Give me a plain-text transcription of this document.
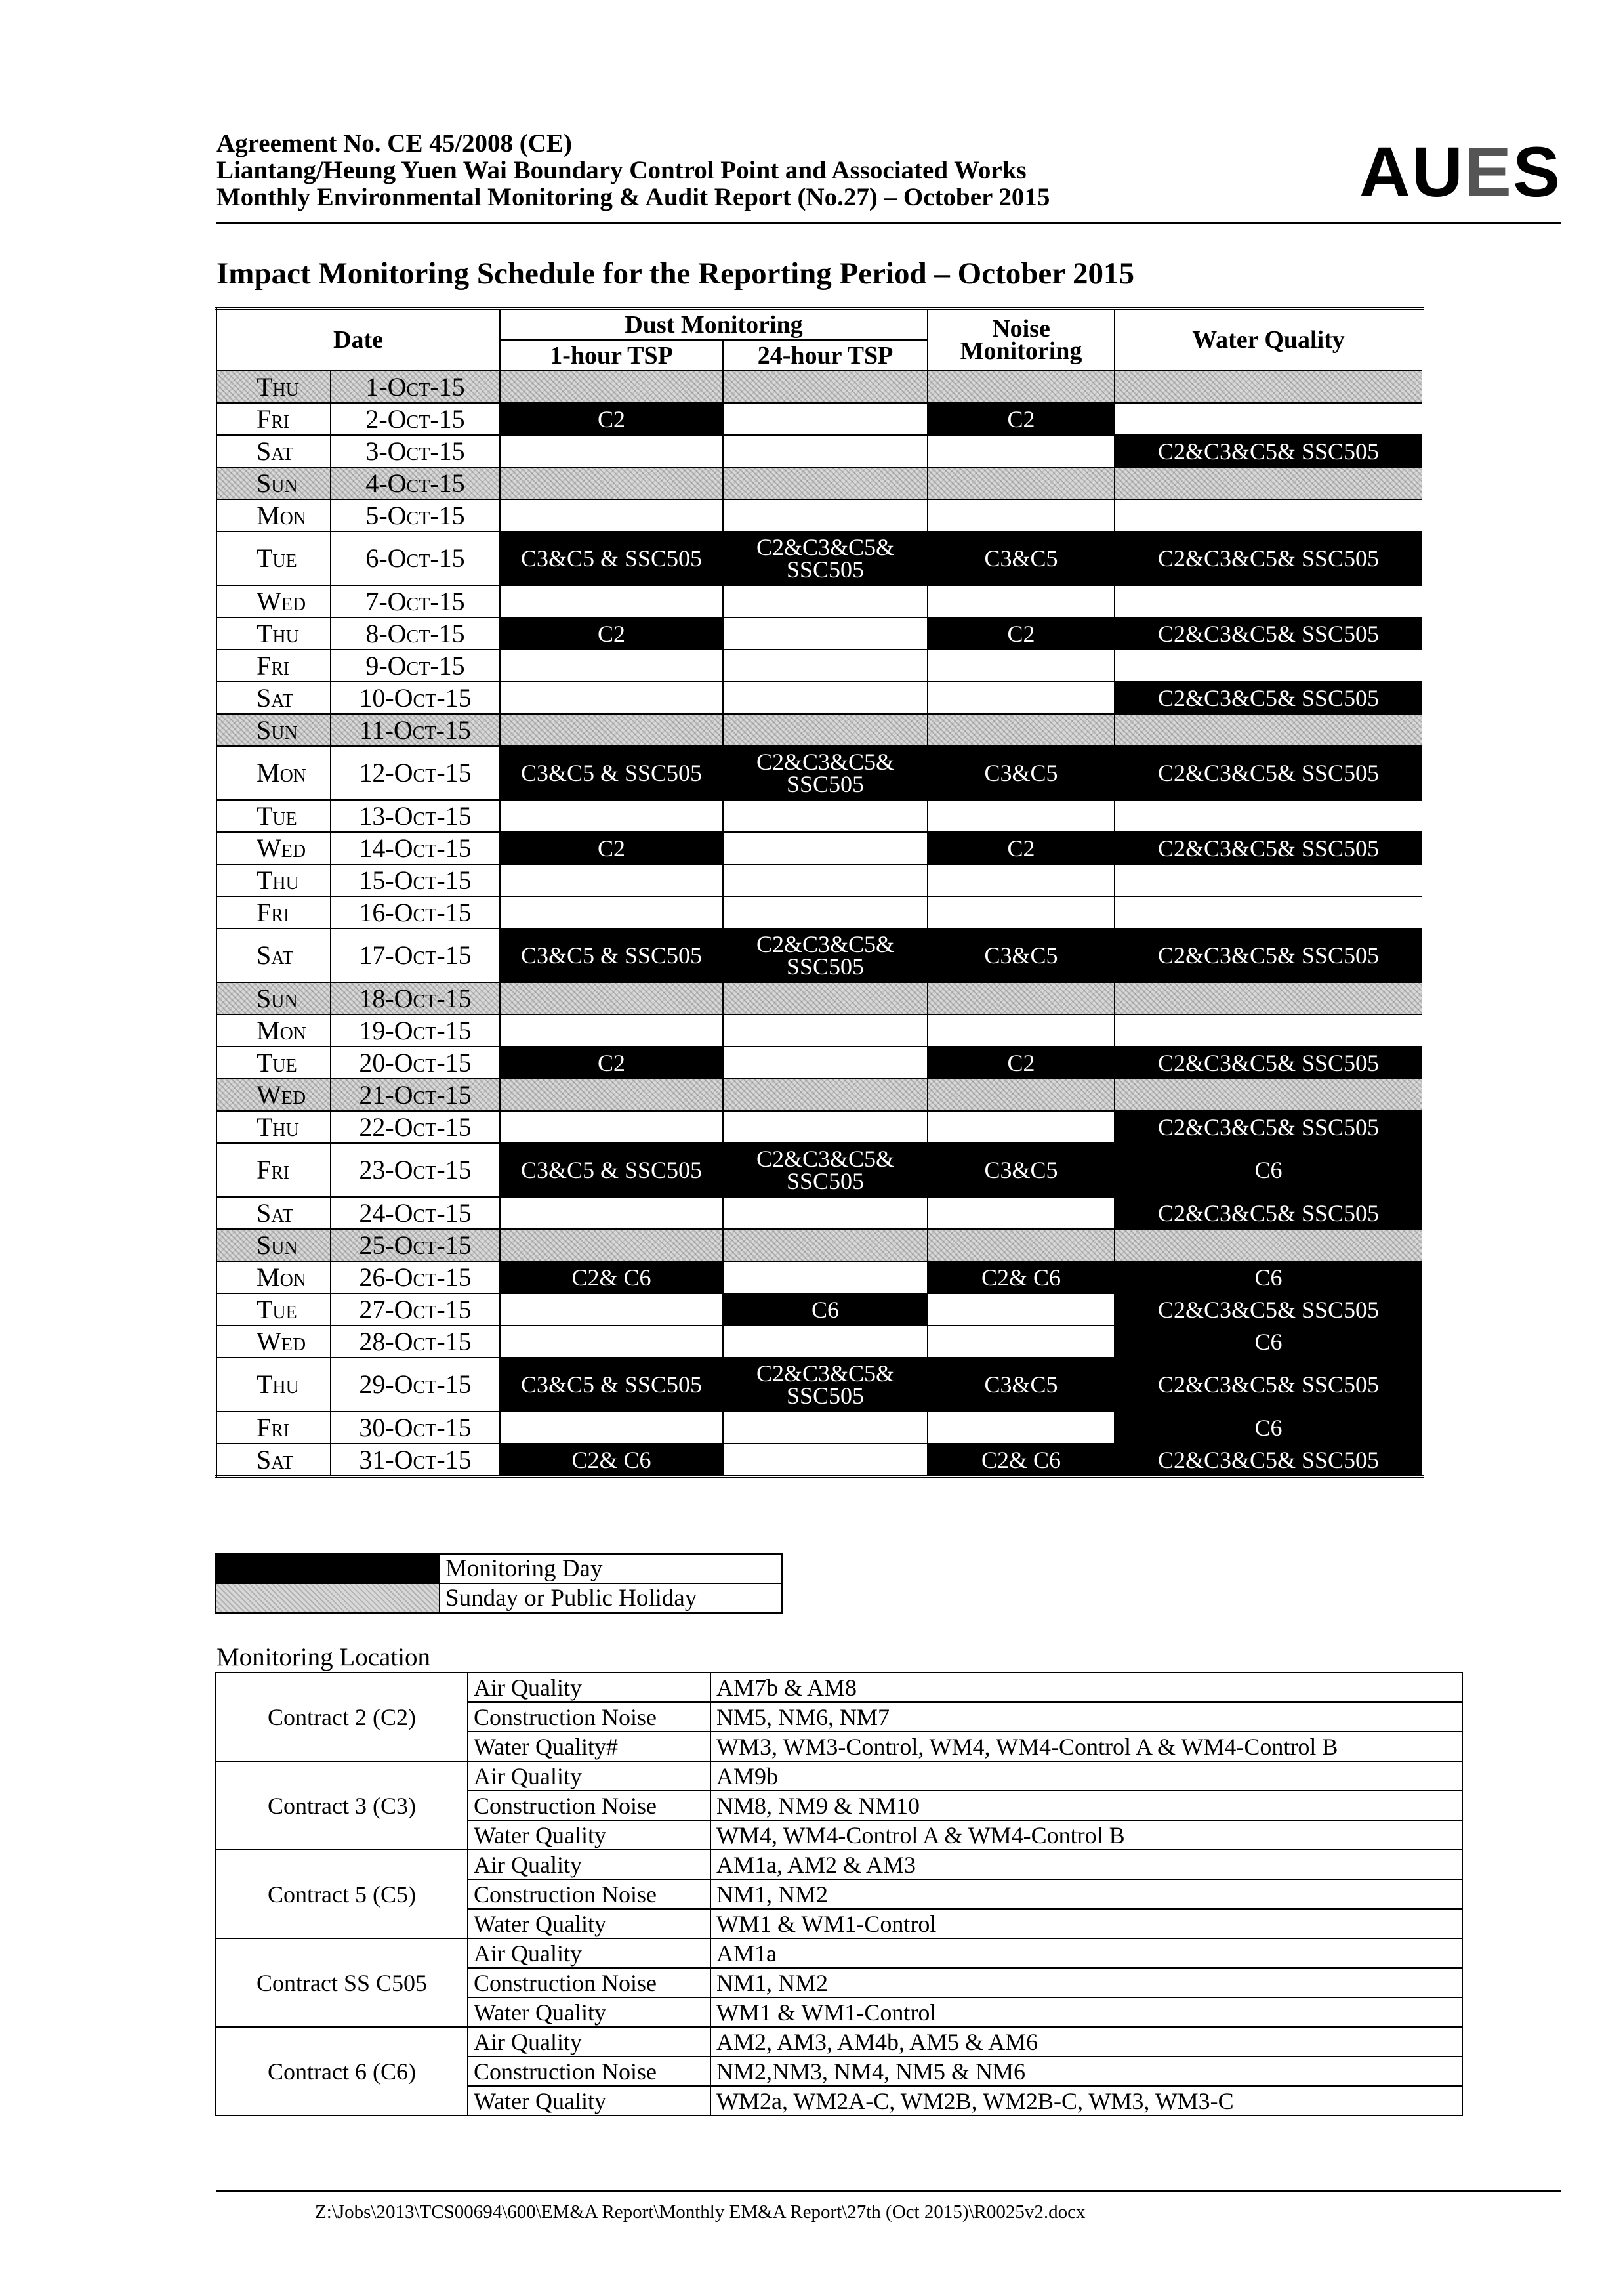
Agreement No. CE 45/2008 (CE)
Liantang/Heung Yuen Wai Boundary Control Point and Associated Works
Monthly Environmental Monitoring & Audit Report (No.27) – October 2015	AUES
Impact Monitoring Schedule for the Reporting Period – October 2015
Date		Dust Monitoring		Noise Monitoring	Water Quality
		1-hour TSP	24-hour TSP		
Thu	1-Oct-15				
Fri	2-Oct-15	C2		C2	
Sat	3-Oct-15				C2&C3&C5& SSC505
Sun	4-Oct-15				
Mon	5-Oct-15				
Tue	6-Oct-15	C3&C5 & SSC505	C2&C3&C5& SSC505	C3&C5	C2&C3&C5& SSC505
Wed	7-Oct-15				
Thu	8-Oct-15	C2		C2	C2&C3&C5& SSC505
Fri	9-Oct-15				
Sat	10-Oct-15				C2&C3&C5& SSC505
Sun	11-Oct-15				
Mon	12-Oct-15	C3&C5 & SSC505	C2&C3&C5& SSC505	C3&C5	C2&C3&C5& SSC505
Tue	13-Oct-15				
Wed	14-Oct-15	C2		C2	C2&C3&C5& SSC505
Thu	15-Oct-15				
Fri	16-Oct-15				
Sat	17-Oct-15	C3&C5 & SSC505	C2&C3&C5& SSC505	C3&C5	C2&C3&C5& SSC505
Sun	18-Oct-15				
Mon	19-Oct-15				
Tue	20-Oct-15	C2		C2	C2&C3&C5& SSC505
Wed	21-Oct-15				
Thu	22-Oct-15				C2&C3&C5& SSC505
Fri	23-Oct-15	C3&C5 & SSC505	C2&C3&C5& SSC505	C3&C5	C6
Sat	24-Oct-15				C2&C3&C5& SSC505
Sun	25-Oct-15				
Mon	26-Oct-15	C2& C6		C2& C6	C6
Tue	27-Oct-15		C6		C2&C3&C5& SSC505
Wed	28-Oct-15				C6
Thu	29-Oct-15	C3&C5 & SSC505	C2&C3&C5& SSC505	C3&C5	C2&C3&C5& SSC505
Fri	30-Oct-15				C6
Sat	31-Oct-15	C2& C6		C2& C6	C2&C3&C5& SSC505
	Monitoring Day
	Sunday or Public Holiday
Monitoring Location
Contract 2 (C2)	Air Quality	AM7b & AM8
	Construction Noise	NM5, NM6, NM7
	Water Quality#	WM3, WM3-Control, WM4, WM4-Control A & WM4-Control B
Contract 3 (C3)	Air Quality	AM9b
	Construction Noise	NM8, NM9 & NM10
	Water Quality	WM4, WM4-Control A & WM4-Control B
Contract 5 (C5)	Air Quality	AM1a, AM2 & AM3
	Construction Noise	NM1, NM2
	Water Quality	WM1 & WM1-Control
Contract SS C505	Air Quality	AM1a
	Construction Noise	NM1, NM2
	Water Quality	WM1 & WM1-Control
Contract 6 (C6)	Air Quality	AM2, AM3, AM4b, AM5 & AM6
	Construction Noise	NM2,NM3, NM4, NM5 & NM6
	Water Quality	WM2a, WM2A-C, WM2B, WM2B-C, WM3, WM3-C
Z:\Jobs\2013\TCS00694\600\EM&A Report\Monthly EM&A Report\27th (Oct 2015)\R0025v2.docx
